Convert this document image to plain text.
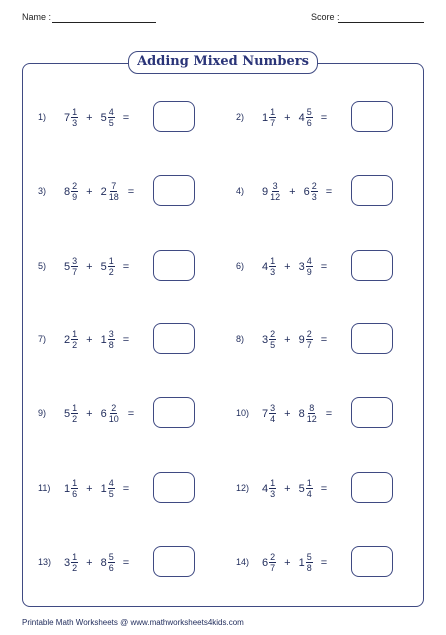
Name :	Score :
Adding Mixed Numbers
1)	$7 \frac{1}{3} + 5 \frac{4}{5}$ =	2)	$1 \frac{1}{7} + 4 \frac{5}{6}$ =
3)	$8 \frac{2}{9} + 2 \frac{7}{18}$ =	4)	$9 \frac{3}{12} + 6 \frac{2}{3}$ =
5)	$5 \frac{3}{7} + 5 \frac{1}{2}$ =	6)	$4 \frac{1}{3} + 3 \frac{4}{9}$ =
7)	$2 \frac{1}{2} + 1 \frac{3}{8}$ =	8)	$3 \frac{2}{5} + 9 \frac{2}{7}$ =
9)	$5 \frac{1}{2} + 6 \frac{2}{10}$ =	10)	$7 \frac{3}{4} + 8 \frac{8}{12}$ =
11)	$1 \frac{1}{6} + 1 \frac{4}{5}$ =	12)	$4 \frac{1}{3} + 5 \frac{1}{4}$ =
13)	$3 \frac{1}{2} + 8 \frac{5}{6}$ =	14)	$6 \frac{2}{7} + 1 \frac{5}{8}$ =
Printable Math Worksheets @ www.mathworksheets4kids.com
